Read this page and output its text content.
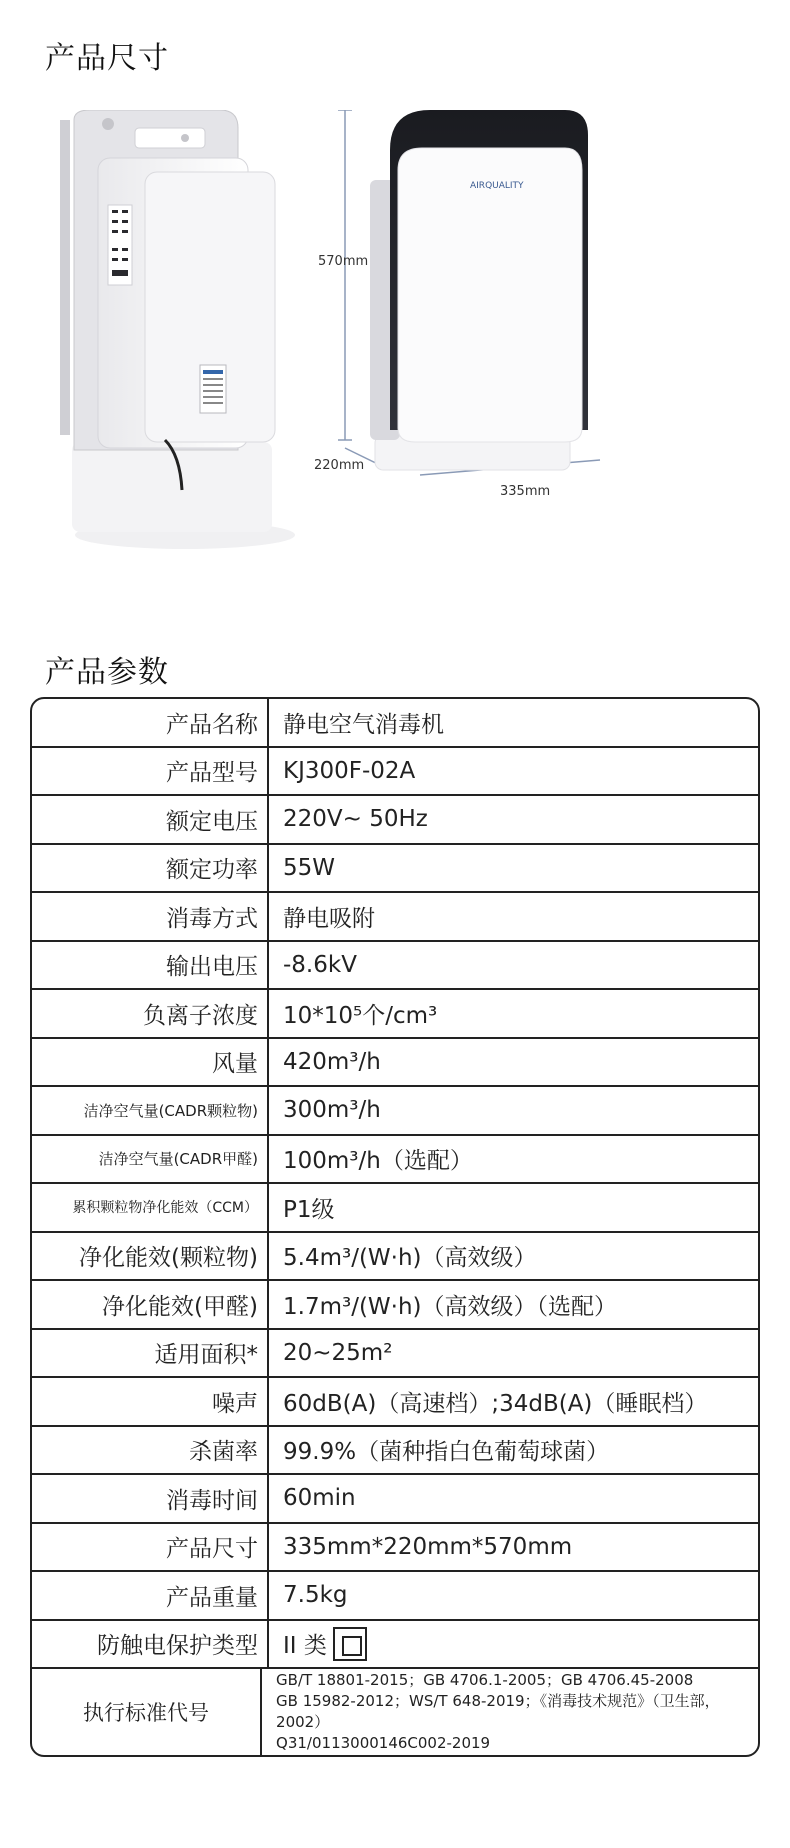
产品尺寸
AIRQUALITY
570mm
220mm
335mm
产品参数
产品名称	静电空气消毒机
产品型号	KJ300F-02A
额定电压	220V~ 50Hz
额定功率	55W
消毒方式	静电吸附
输出电压	-8.6kV
负离子浓度	10*10⁵个/cm³
风量	420m³/h
洁净空气量(CADR颗粒物)	300m³/h
洁净空气量(CADR甲醛)	100m³/h（选配）
累积颗粒物净化能效（CCM）	P1级
净化能效(颗粒物)	5.4m³/(W·h)（高效级）
净化能效(甲醛)	1.7m³/(W·h)（高效级）（选配）
适用面积*	20~25m²
噪声	60dB(A)（高速档）;34dB(A)（睡眠档）
杀菌率	99.9%（菌种指白色葡萄球菌）
消毒时间	60min
产品尺寸	335mm*220mm*570mm
产品重量	7.5kg
防触电保护类型	II 类
执行标准代号
GB/T 18801-2015；GB 4706.1-2005；GB 4706.45-2008
GB 15982-2012；WS/T 648-2019；《消毒技术规范》（卫生部，2002）
Q31/0113000146C002-2019
